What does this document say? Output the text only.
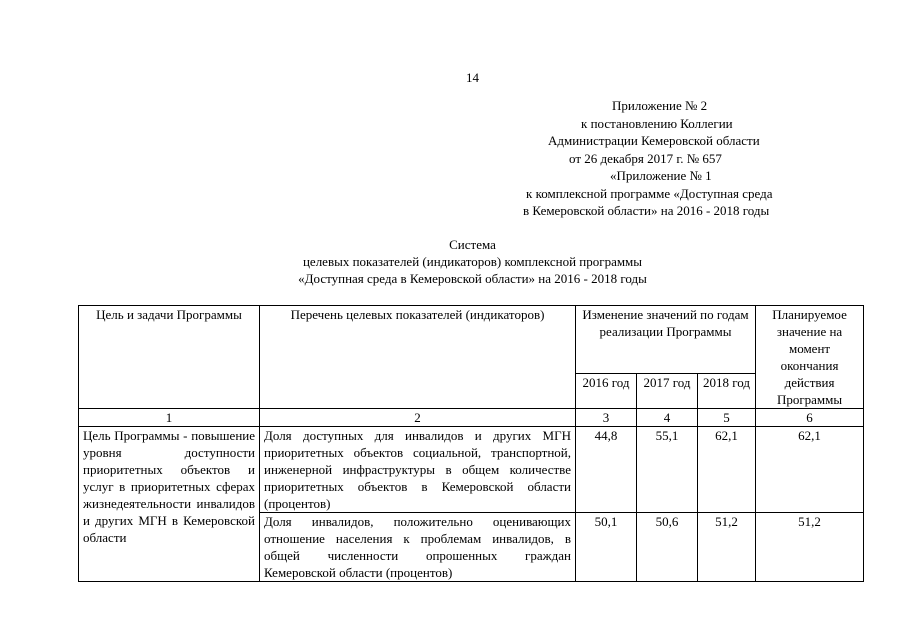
14
Приложение № 2
к постановлению Коллегии
Администрации Кемеровской области
от 26 декабря 2017 г. № 657
«Приложение № 1
к комплексной программе «Доступная среда
в Кемеровской области» на 2016 - 2018 годы
Система
целевых показателей (индикаторов) комплексной программы
«Доступная среда в Кемеровской области» на 2016 - 2018 годы
Цель и задачи Программы	Перечень целевых показателей (индикаторов)	Изменение значений по годам реализации Программы			Планируемое значение на момент окончания действия Программы
		2016 год	2017 год	2018 год	
1	2	3	4	5	6
Цель Программы - повышение уровня доступности приоритетных объектов и услуг в приоритетных сферах жизнедеятельности инвалидов и других МГН в Кемеровской области	Доля доступных для инвалидов и других МГН приоритетных объектов социальной, транспортной, инженерной инфраструктуры в общем количестве приоритетных объектов в Кемеровской области (процентов)	44,8	55,1	62,1	62,1
	Доля инвалидов, положительно оценивающих отношение населения к проблемам инвалидов, в общей численности опрошенных граждан Кемеровской области (процентов)	50,1	50,6	51,2	51,2
